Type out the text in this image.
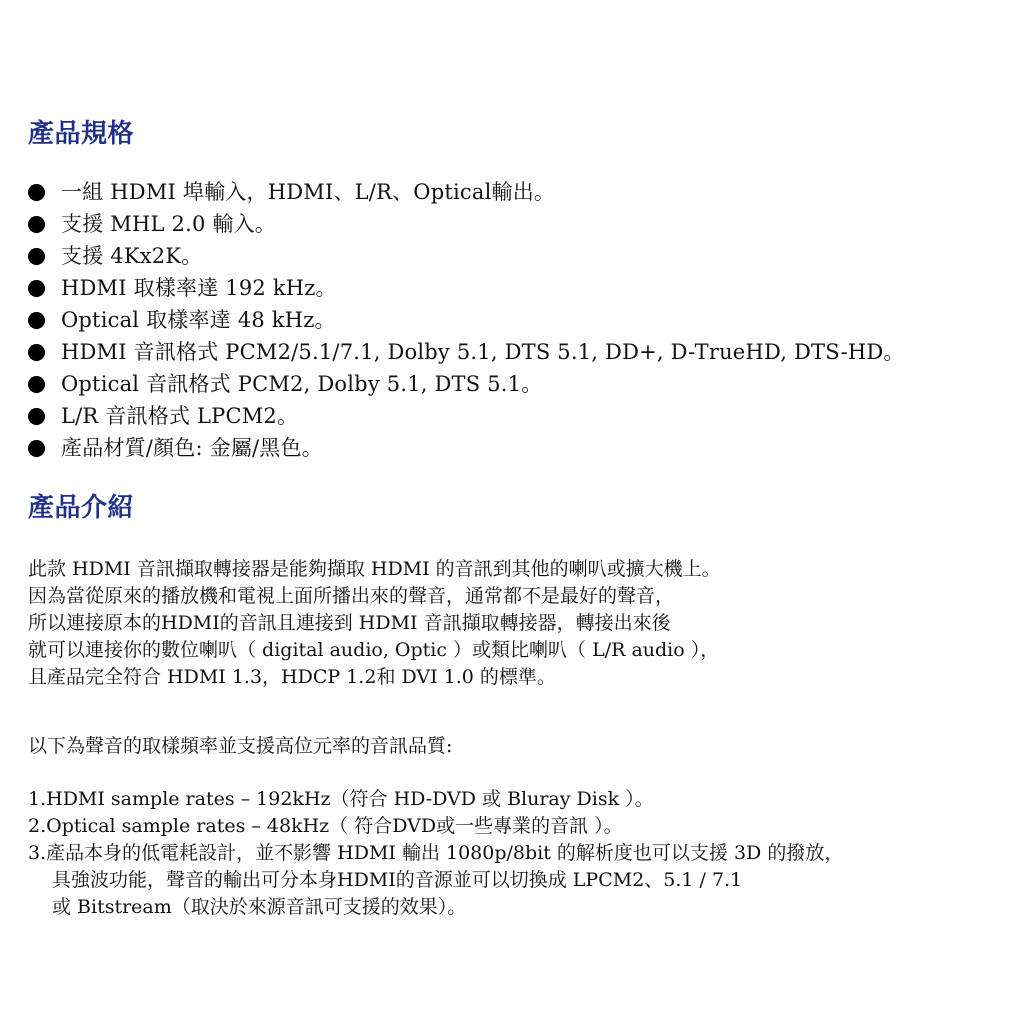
產品規格
一組 HDMI 埠輸入，HDMI、L/R、Optical輸出。
支援 MHL 2.0 輸入。
支援 4Kx2K。
HDMI 取樣率達 192 kHz。
Optical 取樣率達 48 kHz。
HDMI 音訊格式 PCM2/5.1/7.1, Dolby 5.1, DTS 5.1, DD+, D-TrueHD, DTS-HD。
Optical 音訊格式 PCM2, Dolby 5.1, DTS 5.1。
L/R 音訊格式 LPCM2。
產品材質/顏色: 金屬/黑色。
產品介紹
此款 HDMI 音訊擷取轉接器是能夠擷取 HDMI 的音訊到其他的喇叭或擴大機上。
因為當從原來的播放機和電視上面所播出來的聲音，通常都不是最好的聲音，
所以連接原本的HDMI的音訊且連接到 HDMI 音訊擷取轉接器，轉接出來後
就可以連接你的數位喇叭（ digital audio, Optic ）或類比喇叭（ L/R audio ），
且產品完全符合 HDMI 1.3，HDCP 1.2和 DVI 1.0 的標準。
以下為聲音的取樣頻率並支援高位元率的音訊品質:
1.HDMI sample rates – 192kHz（符合 HD-DVD 或 Bluray Disk ）。
2.Optical sample rates – 48kHz（ 符合DVD或一些專業的音訊 ）。
3.產品本身的低電耗設計，並不影響 HDMI 輸出 1080p/8bit 的解析度也可以支援 3D 的撥放，
具強波功能，聲音的輸出可分本身HDMI的音源並可以切換成 LPCM2、5.1 / 7.1
或 Bitstream（取決於來源音訊可支援的效果）。
